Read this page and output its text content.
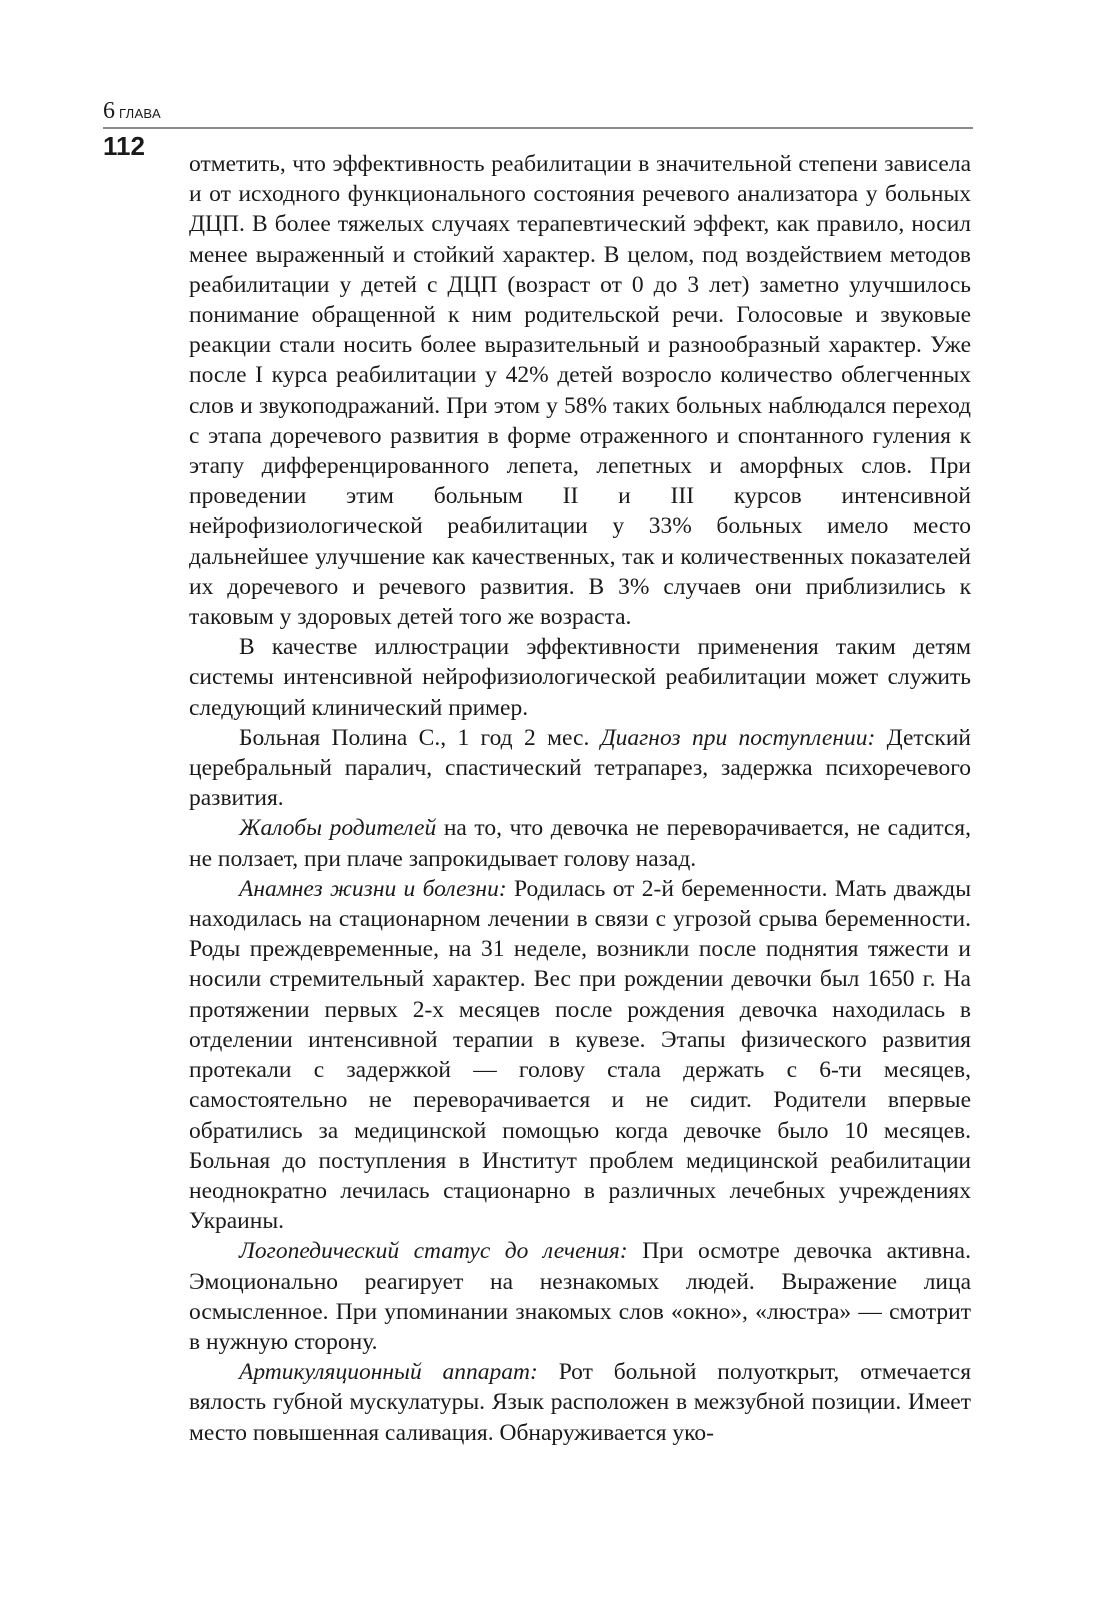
6 ГЛАВА
112

отметить, что эффективность реабилитации в значительной степени зависела и от исходного функционального состояния речевого анализатора у больных ДЦП. В более тяжелых случаях терапевтический эффект, как правило, носил менее выраженный и стойкий характер. В целом, под воздействием методов реабилитации у детей с ДЦП (возраст от 0 до 3 лет) заметно улучшилось понимание обращенной к ним родительской речи. Голосовые и звуковые реакции стали носить более выразительный и разнообразный характер. Уже после I курса реабилитации у 42% детей возросло количество облегченных слов и звукоподражаний. При этом у 58% таких больных наблюдался переход с этапа доречевого развития в форме отраженного и спонтанного гуления к этапу дифференцированного лепета, лепетных и аморфных слов. При проведении этим больным II и III курсов интенсивной нейрофизиологической реабилитации у 33% больных имело место дальнейшее улучшение как качественных, так и количественных показателей их доречевого и речевого развития. В 3% случаев они приблизились к таковым у здоровых детей того же возраста.

В качестве иллюстрации эффективности применения таким детям системы интенсивной нейрофизиологической реабилитации может служить следующий клинический пример.

Больная Полина С., 1 год 2 мес. Диагноз при поступлении: Детский церебральный паралич, спастический тетрапарез, задержка психоречевого развития.

Жалобы родителей на то, что девочка не переворачивается, не садится, не ползает, при плаче запрокидывает голову назад.

Анамнез жизни и болезни: Родилась от 2-й беременности. Мать дважды находилась на стационарном лечении в связи с угрозой срыва беременности. Роды преждевременные, на 31 неделе, возникли после поднятия тяжести и носили стремительный характер. Вес при рождении девочки был 1650 г. На протяжении первых 2-х месяцев после рождения девочка находилась в отделении интенсивной терапии в кувезе. Этапы физического развития протекали с задержкой — голову стала держать с 6-ти месяцев, самостоятельно не переворачивается и не сидит. Родители впервые обратились за медицинской помощью когда девочке было 10 месяцев. Больная до поступления в Институт проблем медицинской реабилитации неоднократно лечилась стационарно в различных лечебных учреждениях Украины.

Логопедический статус до лечения: При осмотре девочка активна. Эмоционально реагирует на незнакомых людей. Выражение лица осмысленное. При упоминании знакомых слов «окно», «люстра» — смотрит в нужную сторону.

Артикуляционный аппарат: Рот больной полуоткрыт, отмечается вялость губной мускулатуры. Язык расположен в межзубной позиции. Имеет место повышенная саливация. Обнаруживается уко-
